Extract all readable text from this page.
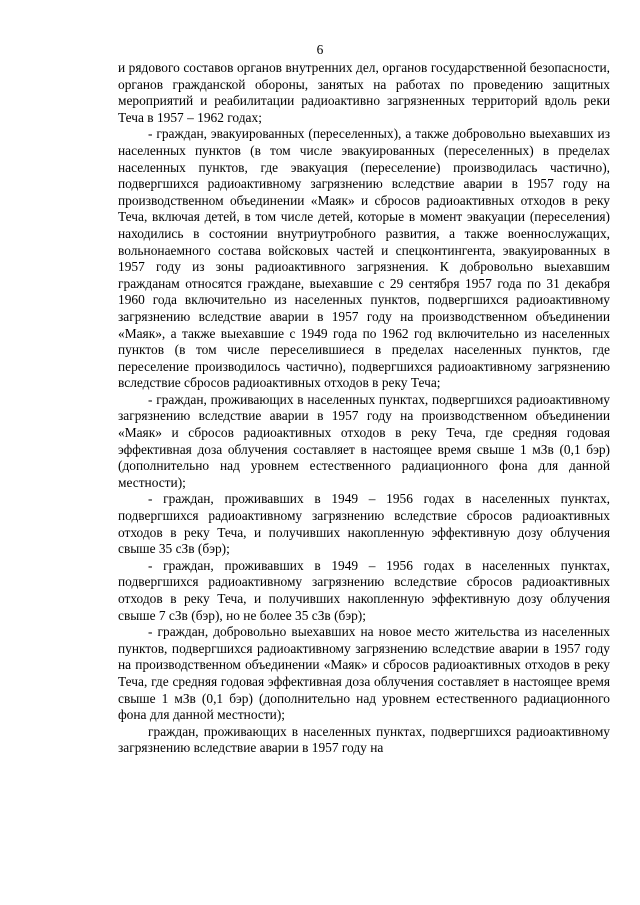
6

и рядового составов органов внутренних дел, органов государственной безопасности, органов гражданской обороны, занятых на работах по проведению защитных мероприятий и реабилитации радиоактивно загрязненных территорий вдоль реки Теча в 1957 – 1962 годах;

- граждан, эвакуированных (переселенных), а также добровольно выехавших из населенных пунктов (в том числе эвакуированных (переселенных) в пределах населенных пунктов, где эвакуация (переселение) производилась частично), подвергшихся радиоактивному загрязнению вследствие аварии в 1957 году на производственном объединении «Маяк» и сбросов радиоактивных отходов в реку Теча, включая детей, в том числе детей, которые в момент эвакуации (переселения) находились в состоянии внутриутробного развития, а также военнослужащих, вольнонаемного состава войсковых частей и спецконтингента, эвакуированных в 1957 году из зоны радиоактивного загрязнения. К добровольно выехавшим гражданам относятся граждане, выехавшие с 29 сентября 1957 года по 31 декабря 1960 года включительно из населенных пунктов, подвергшихся радиоактивному загрязнению вследствие аварии в 1957 году на производственном объединении «Маяк», а также выехавшие с 1949 года по 1962 год включительно из населенных пунктов (в том числе переселившиеся в пределах населенных пунктов, где переселение производилось частично), подвергшихся радиоактивному загрязнению вследствие сбросов радиоактивных отходов в реку Теча;

- граждан, проживающих в населенных пунктах, подвергшихся радиоактивному загрязнению вследствие аварии в 1957 году на производственном объединении «Маяк» и сбросов радиоактивных отходов в реку Теча, где средняя годовая эффективная доза облучения составляет в настоящее время свыше 1 мЗв (0,1 бэр) (дополнительно над уровнем естественного радиационного фона для данной местности);

- граждан, проживавших в 1949 – 1956 годах в населенных пунктах, подвергшихся радиоактивному загрязнению вследствие сбросов радиоактивных отходов в реку Теча, и получивших накопленную эффективную дозу облучения свыше 35 сЗв (бэр);

- граждан, проживавших в 1949 – 1956 годах в населенных пунктах, подвергшихся радиоактивному загрязнению вследствие сбросов радиоактивных отходов в реку Теча, и получивших накопленную эффективную дозу облучения свыше 7 сЗв (бэр), но не более 35 сЗв (бэр);

- граждан, добровольно выехавших на новое место жительства из населенных пунктов, подвергшихся радиоактивному загрязнению вследствие аварии в 1957 году на производственном объединении «Маяк» и сбросов радиоактивных отходов в реку Теча, где средняя годовая эффективная доза облучения составляет в настоящее время свыше 1 мЗв (0,1 бэр) (дополнительно над уровнем естественного радиационного фона для данной местности);

граждан, проживающих в населенных пунктах, подвергшихся радиоактивному загрязнению вследствие аварии в 1957 году на
